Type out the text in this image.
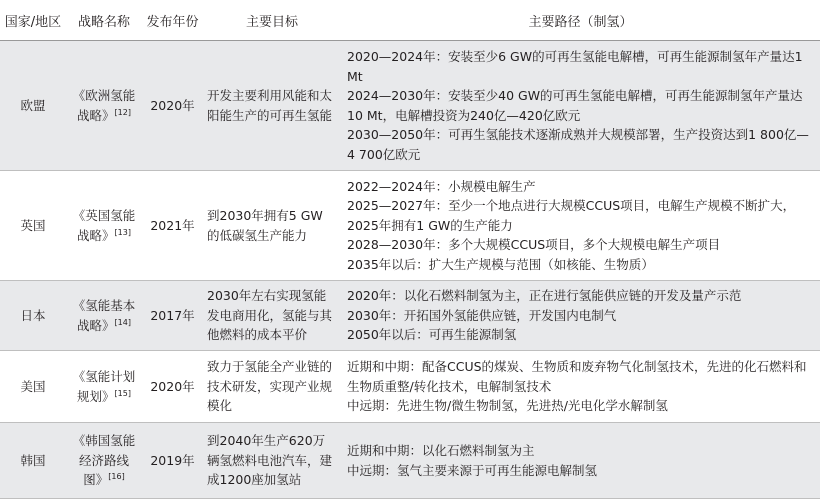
国家/地区	战略名称	发布年份	主要目标	主要路径（制氢）
欧盟	《欧洲氢能战略》[12]	2020年	开发主要利用风能和太阳能生产的可再生氢能	2020—2024年：安装至少6 GW的可再生氢能电解槽，可再生能源制氢年产量达1 Mt
2024—2030年：安装至少40 GW的可再生氢能电解槽，可再生能源制氢年产量达10 Mt，电解槽投资为240亿—420亿欧元
2030—2050年：可再生氢能技术逐渐成熟并大规模部署，生产投资达到1 800亿—4 700亿欧元

英国	《英国氢能战略》[13]	2021年	到2030年拥有5 GW的低碳氢生产能力	2022—2024年：小规模电解生产
2025—2027年：至少一个地点进行大规模CCUS项目，电解生产规模不断扩大，2025年拥有1 GW的生产能力
2028—2030年：多个大规模CCUS项目，多个大规模电解生产项目
2035年以后：扩大生产规模与范围（如核能、生物质）

日本	《氢能基本战略》[14]	2017年	2030年左右实现氢能发电商用化，氢能与其他燃料的成本平价	2020年：以化石燃料制氢为主，正在进行氢能供应链的开发及量产示范
2030年：开拓国外氢能供应链，开发国内电制气
2050年以后：可再生能源制氢

美国	《氢能计划规划》[15]	2020年	致力于氢能全产业链的技术研发，实现产业规模化	近期和中期：配备CCUS的煤炭、生物质和废弃物气化制氢技术，先进的化石燃料和生物质重整/转化技术，电解制氢技术
中远期：先进生物/微生物制氢，先进热/光电化学水解制氢

韩国	《韩国氢能经济路线图》[16]	2019年	到2040年生产620万辆氢燃料电池汽车，建成1200座加氢站	近期和中期：以化石燃料制氢为主
中远期：氢气主要来源于可再生能源电解制氢
